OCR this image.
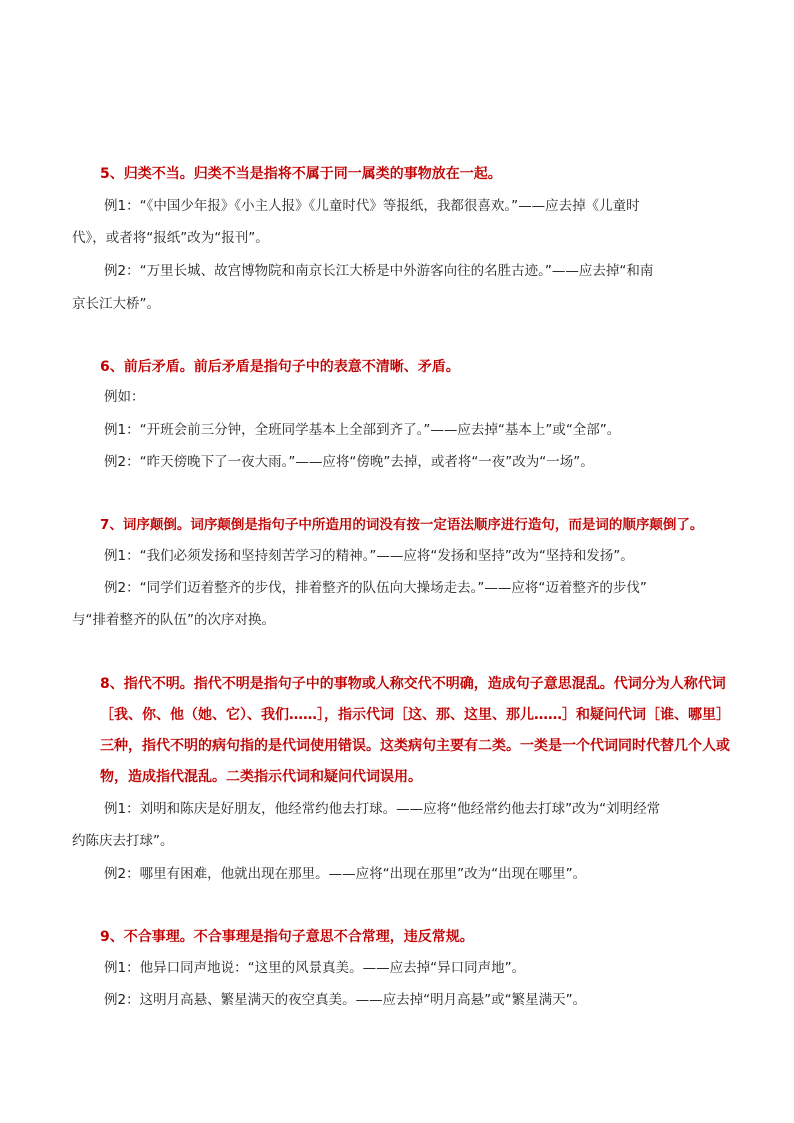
5、归类不当。归类不当是指将不属于同一属类的事物放在一起。
例1：“《中国少年报》《小主人报》《儿童时代》等报纸，我都很喜欢。”——应去掉《儿童时
代》，或者将“报纸”改为“报刊”。
例2：“万里长城、故宫博物院和南京长江大桥是中外游客向往的名胜古迹。”——应去掉“和南
京长江大桥”。
6、前后矛盾。前后矛盾是指句子中的表意不清晰、矛盾。
例如：
例1：“开班会前三分钟，全班同学基本上全部到齐了。”——应去掉“基本上”或“全部”。
例2：“昨天傍晚下了一夜大雨。”——应将“傍晚”去掉，或者将“一夜”改为“一场”。
7、词序颠倒。词序颠倒是指句子中所造用的词没有按一定语法顺序进行造句，而是词的顺序颠倒了。
例1：“我们必须发扬和坚持刻苦学习的精神。”——应将“发扬和坚持”改为“坚持和发扬”。
例2：“同学们迈着整齐的步伐，排着整齐的队伍向大操场走去。”——应将“迈着整齐的步伐”
与“排着整齐的队伍”的次序对换。
8、指代不明。指代不明是指句子中的事物或人称交代不明确，造成句子意思混乱。代词分为人称代词［我、你、他（她、它）、我们……］，指示代词［这、那、这里、那儿……］和疑问代词［谁、哪里］三种，指代不明的病句指的是代词使用错误。这类病句主要有二类。一类是一个代词同时代替几个人或物，造成指代混乱。二类指示代词和疑问代词误用。
例1：刘明和陈庆是好朋友，他经常约他去打球。——应将“他经常约他去打球”改为“刘明经常
约陈庆去打球”。
例2：哪里有困难，他就出现在那里。——应将“出现在那里”改为“出现在哪里”。
9、不合事理。不合事理是指句子意思不合常理，违反常规。
例1：他异口同声地说：“这里的风景真美。——应去掉“异口同声地”。
例2：这明月高悬、繁星满天的夜空真美。——应去掉“明月高悬”或“繁星满天”。
